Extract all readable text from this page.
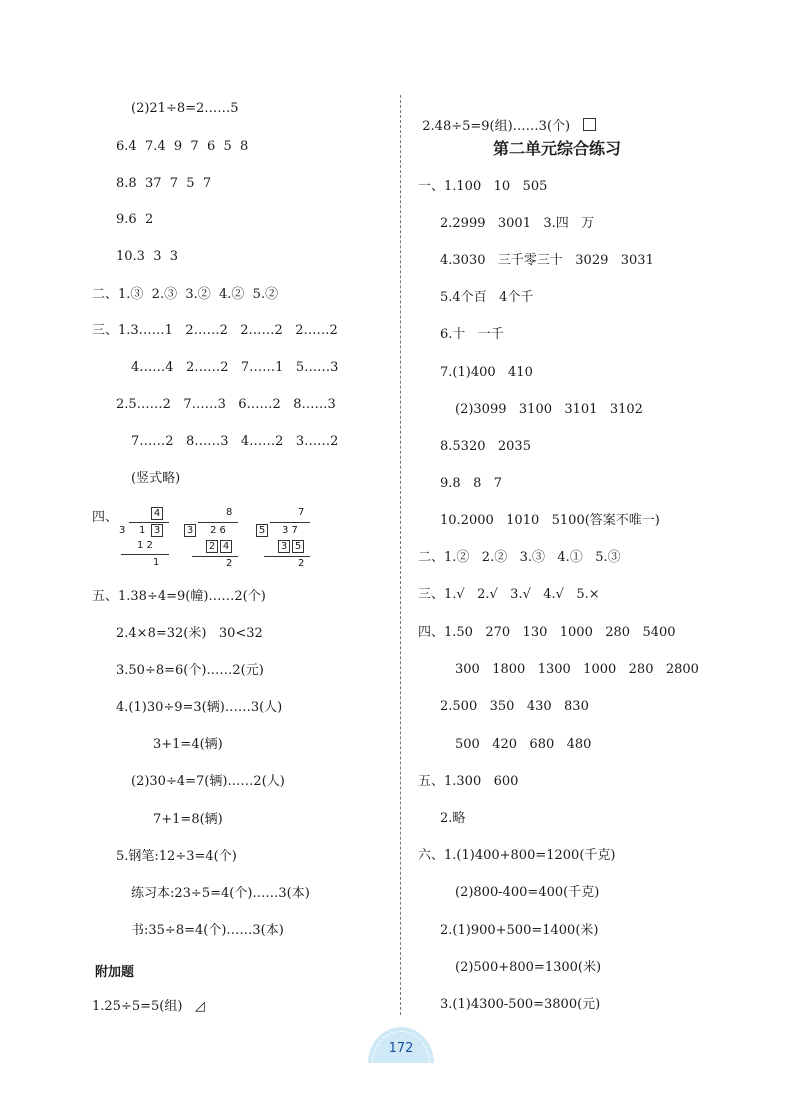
(2)21÷8=2……5
6.4  7.4  9  7  6  5  8
8.8  37  7  5  7
9.6  2
10.3  3  3
二、1.③  2.③  3.②  4.②  5.②
三、1.3……1   2……2   2……2   2……2
4……4   2……2   7……1   5……3
2.5……2   7……3   6……2   8……3
7……2   8……3   4……2   3……2
(竖式略)
四、	4
3 1 3
1 2
1
8
3 2 6
2 4
2
7
5 3 7
3 5
2
五、1.38÷4=9(幢)……2(个)
2.4×8=32(米)   30<32
3.50÷8=6(个)……2(元)
4.(1)30÷9=3(辆)……3(人)
3+1=4(辆)
(2)30÷4=7(辆)……2(人)
7+1=8(辆)
5.钢笔:12÷3=4(个)
练习本:23÷5=4(个)……3(本)
书:35÷8=4(个)……3(本)
附加题
1.25÷5=5(组)   ◿

2.48÷5=9(组)……3(个)

第二单元综合练习
一、1.100   10   505
2.2999   3001   3.四   万
4.3030   三千零三十   3029   3031
5.4个百   4个千
6.十   一千
7.(1)400   410
(2)3099   3100   3101   3102
8.5320   2035
9.8   8   7
10.2000   1010   5100(答案不唯一)
二、1.②   2.②   3.③   4.①   5.③
三、1.√   2.√   3.√   4.√   5.×
四、1.50   270   130   1000   280   5400
300   1800   1300   1000   280   2800
2.500   350   430   830
500   420   680   480
五、1.300   600
2.略
六、1.(1)400+800=1200(千克)
(2)800-400=400(千克)
2.(1)900+500=1400(米)
(2)500+800=1300(米)
3.(1)4300-500=3800(元)
172
